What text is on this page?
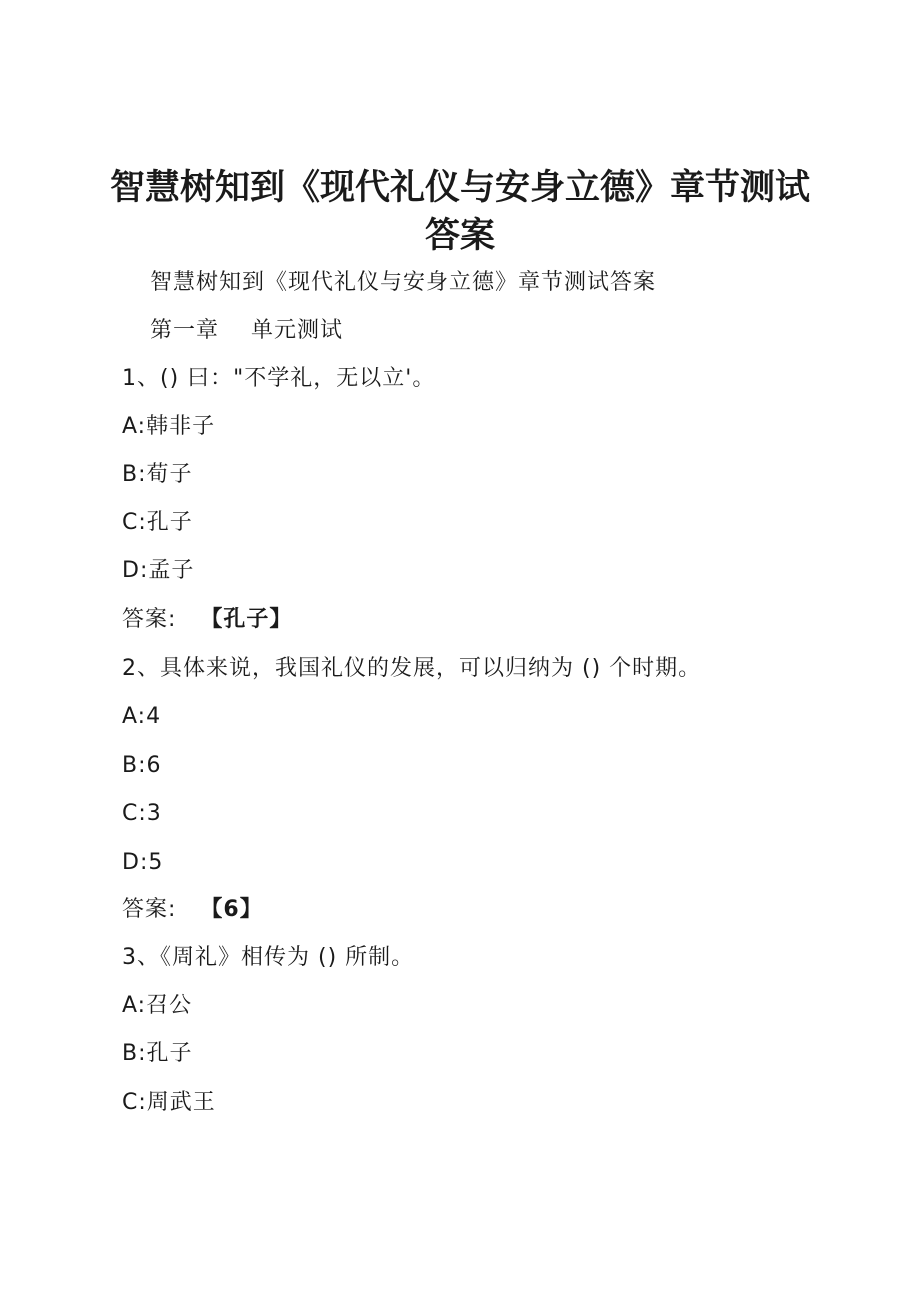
智慧树知到《现代礼仪与安身立德》章节测试
答案
智慧树知到《现代礼仪与安身立德》章节测试答案
第一章    单元测试
1、() 曰："不学礼，无以立'。
A:韩非子
B:荀子
C:孔子
D:孟子
答案: 【孔子】
2、具体来说，我国礼仪的发展，可以归纳为 () 个时期。
A:4
B:6
C:3
D:5
答案: 【6】
3、《周礼》相传为 () 所制。
A:召公
B:孔子
C:周武王
